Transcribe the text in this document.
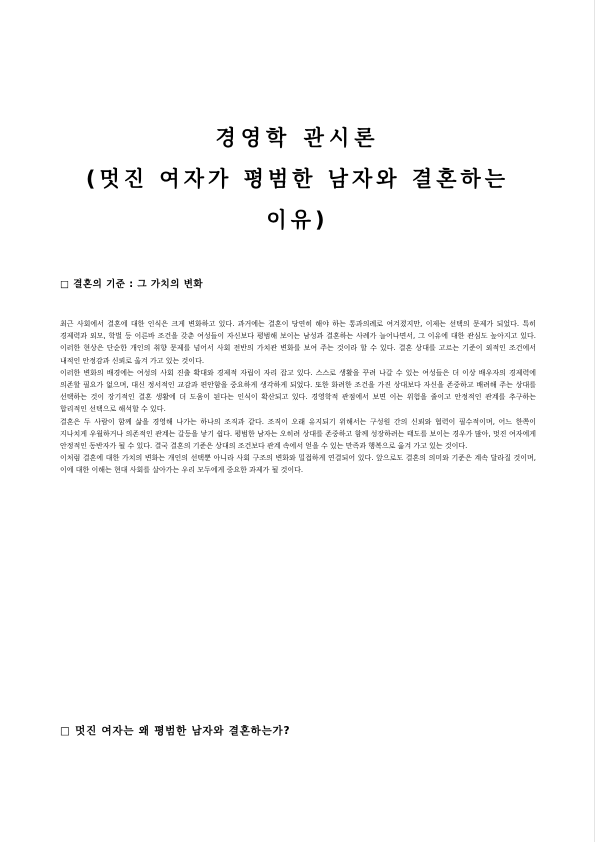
경영학 관시론

(멋진 여자가 평범한 남자와 결혼하는

이유)

□ 결혼의 기준 : 그 가치의 변화

최근 사회에서 결혼에 대한 인식은 크게 변화하고 있다. 과거에는 결혼이 당연히 해야 하는 통과의례로 여겨졌지만, 이제는 선택의 문제가 되었다. 특히 경제력과 외모, 학벌 등 이른바 조건을 갖춘 여성들이 자신보다 평범해 보이는 남성과 결혼하는 사례가 늘어나면서, 그 이유에 대한 관심도 높아지고 있다. 이러한 현상은 단순한 개인의 취향 문제를 넘어서 사회 전반의 가치관 변화를 보여 주는 것이라 할 수 있다. 결혼 상대를 고르는 기준이 외적인 조건에서 내적인 안정감과 신뢰로 옮겨 가고 있는 것이다.

이러한 변화의 배경에는 여성의 사회 진출 확대와 경제적 자립이 자리 잡고 있다. 스스로 생활을 꾸려 나갈 수 있는 여성들은 더 이상 배우자의 경제력에 의존할 필요가 없으며, 대신 정서적인 교감과 편안함을 중요하게 생각하게 되었다. 또한 화려한 조건을 가진 상대보다 자신을 존중하고 배려해 주는 상대를 선택하는 것이 장기적인 결혼 생활에 더 도움이 된다는 인식이 확산되고 있다. 경영학적 관점에서 보면 이는 위험을 줄이고 안정적인 관계를 추구하는 합리적인 선택으로 해석할 수 있다.

결혼은 두 사람이 함께 삶을 경영해 나가는 하나의 조직과 같다. 조직이 오래 유지되기 위해서는 구성원 간의 신뢰와 협력이 필수적이며, 어느 한쪽이 지나치게 우월하거나 의존적인 관계는 갈등을 낳기 쉽다. 평범한 남자는 오히려 상대를 존중하고 함께 성장하려는 태도를 보이는 경우가 많아, 멋진 여자에게 안정적인 동반자가 될 수 있다. 결국 결혼의 기준은 상대의 조건보다 관계 속에서 얻을 수 있는 만족과 행복으로 옮겨 가고 있는 것이다.

이처럼 결혼에 대한 가치의 변화는 개인의 선택뿐 아니라 사회 구조의 변화와 밀접하게 연결되어 있다. 앞으로도 결혼의 의미와 기준은 계속 달라질 것이며, 이에 대한 이해는 현대 사회를 살아가는 우리 모두에게 중요한 과제가 될 것이다.

□ 멋진 여자는 왜 평범한 남자와 결혼하는가?
